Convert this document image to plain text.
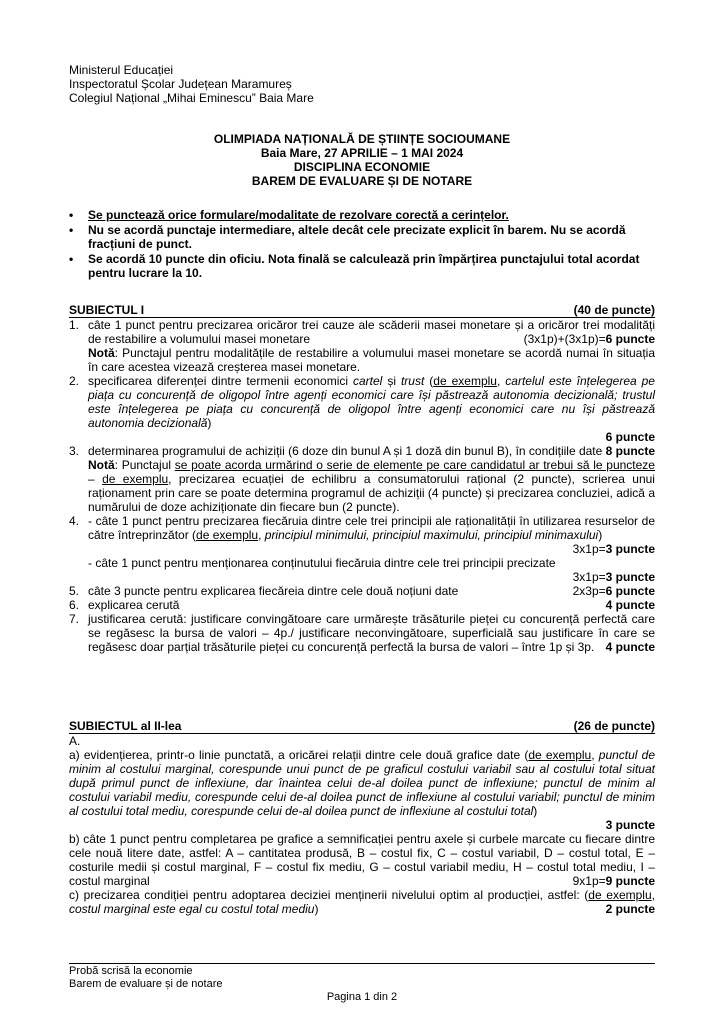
Ministerul Educației
Inspectoratul Școlar Județean Maramureș
Colegiul Național „Mihai Eminescu” Baia Mare
OLIMPIADA NAȚIONALĂ DE ȘTIINȚE SOCIOUMANE
Baia Mare, 27 APRILIE – 1 MAI 2024
DISCIPLINA ECONOMIE
BAREM DE EVALUARE ȘI DE NOTARE
• Se punctează orice formulare/modalitate de rezolvare corectă a cerințelor.
• Nu se acordă punctaje intermediare, altele decât cele precizate explicit în barem. Nu se acordă fracțiuni de punct.
• Se acordă 10 puncte din oficiu. Nota finală se calculează prin împărțirea punctajului total acordat pentru lucrare la 10.
SUBIECTUL I	(40 de puncte)
1. câte 1 punct pentru precizarea oricăror trei cauze ale scăderii masei monetare și a oricăror trei modalități de restabilire a volumului masei monetare	(3x1p)+(3x1p)=6 puncte
Notă: Punctajul pentru modalitățile de restabilire a volumului masei monetare se acordă numai în situația în care acestea vizează creșterea masei monetare.
2. specificarea diferenței dintre termenii economici cartel și trust (de exemplu, cartelul este înțelegerea pe piața cu concurență de oligopol între agenți economici care își păstrează autonomia decizională; trustul este înțelegerea pe piața cu concurență de oligopol între agenți economici care nu își păstrează autonomia decizională)
6 puncte
3. determinarea programului de achiziții (6 doze din bunul A și 1 doză din bunul B), în condițiile date 8 puncte
Notă: Punctajul se poate acorda urmărind o serie de elemente pe care candidatul ar trebui să le puncteze – de exemplu, precizarea ecuației de echilibru a consumatorului rațional (2 puncte), scrierea unui raționament prin care se poate determina programul de achiziții (4 puncte) și precizarea concluziei, adică a numărului de doze achiziționate din fiecare bun (2 puncte).
4. - câte 1 punct pentru precizarea fiecăruia dintre cele trei principii ale raționalității în utilizarea resurselor de către întreprinzător (de exemplu, principiul minimului, principiul maximului, principiul minimaxului)
3x1p=3 puncte
- câte 1 punct pentru menționarea conținutului fiecăruia dintre cele trei principii precizate
3x1p=3 puncte
5. câte 3 puncte pentru explicarea fiecăreia dintre cele două noțiuni date	2x3p=6 puncte
6. explicarea cerută	4 puncte
7. justificarea cerută: justificare convingătoare care urmărește trăsăturile pieței cu concurență perfectă care se regăsesc la bursa de valori – 4p./ justificare neconvingătoare, superficială sau justificare în care se regăsesc doar parțial trăsăturile pieței cu concurență perfectă la bursa de valori – între 1p și 3p. 4 puncte
SUBIECTUL al II-lea	(26 de puncte)
A.
a) evidențierea, printr-o linie punctată, a oricărei relații dintre cele două grafice date (de exemplu, punctul de minim al costului marginal, corespunde unui punct de pe graficul costului variabil sau al costului total situat după primul punct de inflexiune, dar înaintea celui de-al doilea punct de inflexiune; punctul de minim al costului variabil mediu, corespunde celui de-al doilea punct de inflexiune al costului variabil; punctul de minim al costului total mediu, corespunde celui de-al doilea punct de inflexiune al costului total)
3 puncte
b) câte 1 punct pentru completarea pe grafice a semnificației pentru axele și curbele marcate cu fiecare dintre cele nouă litere date, astfel: A – cantitatea produsă, B – costul fix, C – costul variabil, D – costul total, E – costurile medii și costul marginal, F – costul fix mediu, G – costul variabil mediu, H – costul total mediu, I – costul marginal	9x1p=9 puncte
c) precizarea condiției pentru adoptarea deciziei menținerii nivelului optim al producției, astfel: (de exemplu, costul marginal este egal cu costul total mediu)	2 puncte
Probă scrisă la economie
Barem de evaluare și de notare
Pagina 1 din 2
